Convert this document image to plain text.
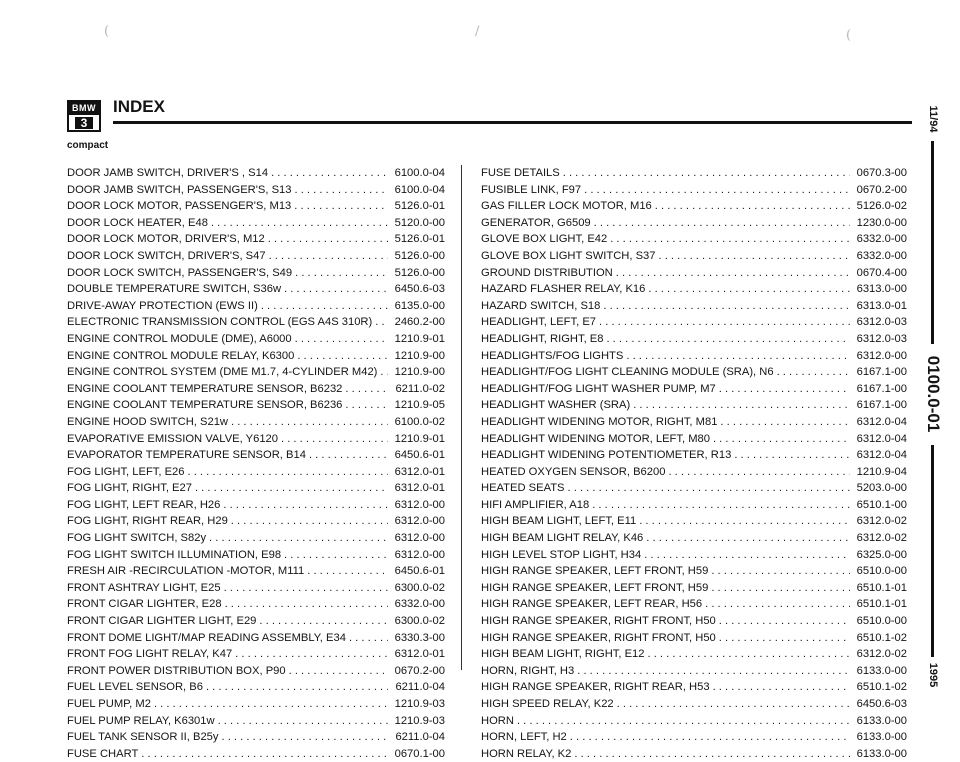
(	/	(
BMW
3
INDEX
compact
DOOR JAMB SWITCH, DRIVER'S , S14 . . .	6100.0-04
DOOR JAMB SWITCH, PASSENGER'S, S13 . . .	6100.0-04
DOOR LOCK MOTOR, PASSENGER'S, M13 . . .	5126.0-01
DOOR LOCK HEATER, E48 . . .	5120.0-00
DOOR LOCK MOTOR, DRIVER'S, M12 . . .	5126.0-01
DOOR LOCK SWITCH, DRIVER'S, S47 . . .	5126.0-00
DOOR LOCK SWITCH, PASSENGER'S, S49 . . .	5126.0-00
DOUBLE TEMPERATURE SWITCH, S36w . . .	6450.6-03
DRIVE-AWAY PROTECTION (EWS II) . . .	6135.0-00
ELECTRONIC TRANSMISSION CONTROL (EGS A4S 310R) . . .	2460.2-00
ENGINE CONTROL MODULE (DME), A6000 . . .	1210.9-01
ENGINE CONTROL MODULE RELAY, K6300 . . .	1210.9-00
ENGINE CONTROL SYSTEM (DME M1.7, 4-CYLINDER M42) . . .	1210.9-00
ENGINE COOLANT TEMPERATURE SENSOR, B6232 . . .	6211.0-02
ENGINE COOLANT TEMPERATURE SENSOR, B6236 . . .	1210.9-05
ENGINE HOOD SWITCH, S21w . . .	6100.0-02
EVAPORATIVE EMISSION VALVE, Y6120 . . .	1210.9-01
EVAPORATOR TEMPERATURE SENSOR, B14 . . .	6450.6-01
FOG LIGHT, LEFT, E26 . . .	6312.0-01
FOG LIGHT, RIGHT, E27 . . .	6312.0-01
FOG LIGHT, LEFT REAR, H26 . . .	6312.0-00
FOG LIGHT, RIGHT REAR, H29 . . .	6312.0-00
FOG LIGHT SWITCH, S82y . . .	6312.0-00
FOG LIGHT SWITCH ILLUMINATION, E98 . . .	6312.0-00
FRESH AIR -RECIRCULATION -MOTOR, M111 . . .	6450.6-01
FRONT ASHTRAY LIGHT, E25 . . .	6300.0-02
FRONT CIGAR LIGHTER, E28 . . .	6332.0-00
FRONT CIGAR LIGHTER LIGHT, E29 . . .	6300.0-02
FRONT DOME LIGHT/MAP READING ASSEMBLY, E34 . . .	6330.3-00
FRONT FOG LIGHT RELAY, K47 . . .	6312.0-01
FRONT POWER DISTRIBUTION BOX, P90 . . .	0670.2-00
FUEL LEVEL SENSOR, B6 . . .	6211.0-04
FUEL PUMP, M2 . . .	1210.9-03
FUEL PUMP RELAY, K6301w . . .	1210.9-03
FUEL TANK SENSOR II, B25y . . .	6211.0-04
FUSE CHART . . .	0670.1-00
FUSE DETAILS . . .	0670.3-00
FUSIBLE LINK, F97 . . .	0670.2-00
GAS FILLER LOCK MOTOR, M16 . . .	5126.0-02
GENERATOR, G6509 . . .	1230.0-00
GLOVE BOX LIGHT, E42 . . .	6332.0-00
GLOVE BOX LIGHT SWITCH, S37 . . .	6332.0-00
GROUND DISTRIBUTION . . .	0670.4-00
HAZARD FLASHER RELAY, K16 . . .	6313.0-00
HAZARD SWITCH, S18 . . .	6313.0-01
HEADLIGHT, LEFT, E7 . . .	6312.0-03
HEADLIGHT, RIGHT, E8 . . .	6312.0-03
HEADLIGHTS/FOG LIGHTS . . .	6312.0-00
HEADLIGHT/FOG LIGHT CLEANING MODULE (SRA), N6 . . .	6167.1-00
HEADLIGHT/FOG LIGHT WASHER PUMP, M7 . . .	6167.1-00
HEADLIGHT WASHER (SRA) . . .	6167.1-00
HEADLIGHT WIDENING MOTOR, RIGHT, M81 . . .	6312.0-04
HEADLIGHT WIDENING MOTOR, LEFT, M80 . . .	6312.0-04
HEADLIGHT WIDENING POTENTIOMETER, R13 . . .	6312.0-04
HEATED OXYGEN SENSOR, B6200 . . .	1210.9-04
HEATED SEATS . . .	5203.0-00
HIFI AMPLIFIER, A18 . . .	6510.1-00
HIGH BEAM LIGHT, LEFT, E11 . . .	6312.0-02
HIGH BEAM LIGHT RELAY, K46 . . .	6312.0-02
HIGH LEVEL STOP LIGHT, H34 . . .	6325.0-00
HIGH RANGE SPEAKER, LEFT FRONT, H59 . . .	6510.0-00
HIGH RANGE SPEAKER, LEFT FRONT, H59 . . .	6510.1-01
HIGH RANGE SPEAKER, LEFT REAR, H56 . . .	6510.1-01
HIGH RANGE SPEAKER, RIGHT FRONT, H50 . . .	6510.0-00
HIGH RANGE SPEAKER, RIGHT FRONT, H50 . . .	6510.1-02
HIGH BEAM LIGHT, RIGHT, E12 . . .	6312.0-02
HORN, RIGHT, H3 . . .	6133.0-00
HIGH RANGE SPEAKER, RIGHT REAR, H53 . . .	6510.1-02
HIGH SPEED RELAY, K22 . . .	6450.6-03
HORN . . .	6133.0-00
HORN, LEFT, H2 . . .	6133.0-00
HORN RELAY, K2 . . .	6133.0-00
11/94
0100.0-01
1995
